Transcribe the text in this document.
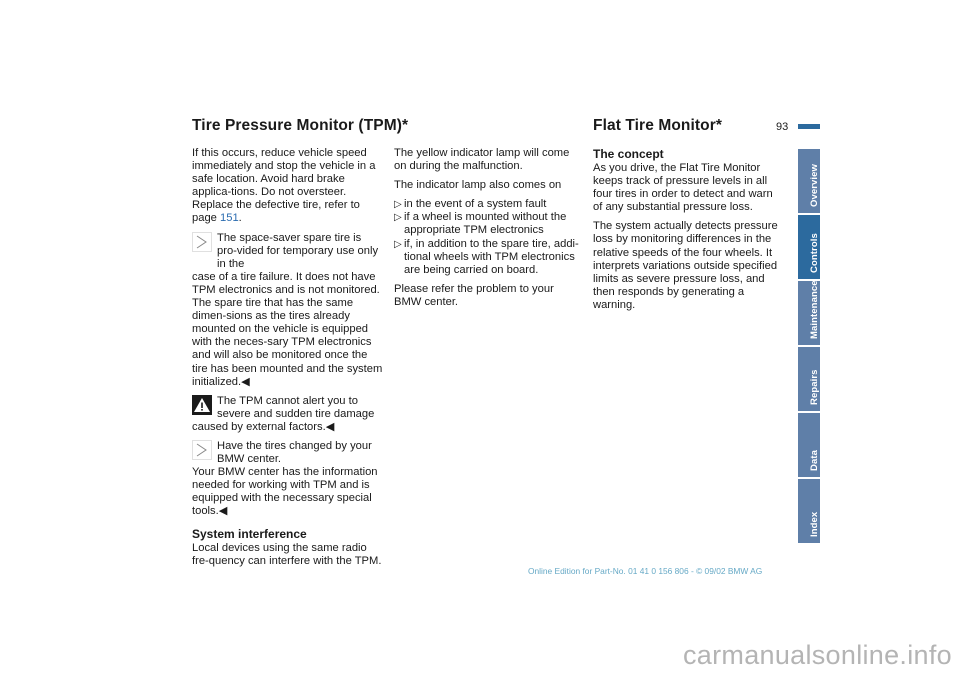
Tire Pressure Monitor (TPM)*	Flat Tire Monitor*	93

If this occurs, reduce vehicle speed immediately and stop the vehicle in a safe location. Avoid hard brake applica-tions. Do not oversteer. Replace the defective tire, refer to page 151.

The space-saver spare tire is pro-vided for temporary use only in the
case of a tire failure. It does not have TPM electronics and is not monitored. The spare tire that has the same dimen-sions as the tires already mounted on the vehicle is equipped with the neces-sary TPM electronics and will also be monitored once the tire has been mounted and the system initialized.◀
The TPM cannot alert you to severe and sudden tire damage
caused by external factors.◀
Have the tires changed by your BMW center.
Your BMW center has the information needed for working with TPM and is equipped with the necessary special tools.◀
System interference

Local devices using the same radio fre-quency can interfere with the TPM.

The yellow indicator lamp will come on during the malfunction.

The indicator lamp also comes on

▷ in the event of a system fault
▷ if a wheel is mounted without the appropriate TPM electronics
▷ if, in addition to the spare tire, addi-tional wheels with TPM electronics are being carried on board.

Please refer the problem to your BMW center.

The concept

As you drive, the Flat Tire Monitor keeps track of pressure levels in all four tires in order to detect and warn of any substantial pressure loss.

The system actually detects pressure loss by monitoring differences in the relative speeds of the four wheels. It interprets variations outside specified limits as severe pressure loss, and then responds by generating a warning.

Overview
Controls
Maintenance
Repairs
Data
Index
Online Edition for Part-No. 01 41 0 156 806 - © 09/02 BMW AG
carmanualsonline.info
